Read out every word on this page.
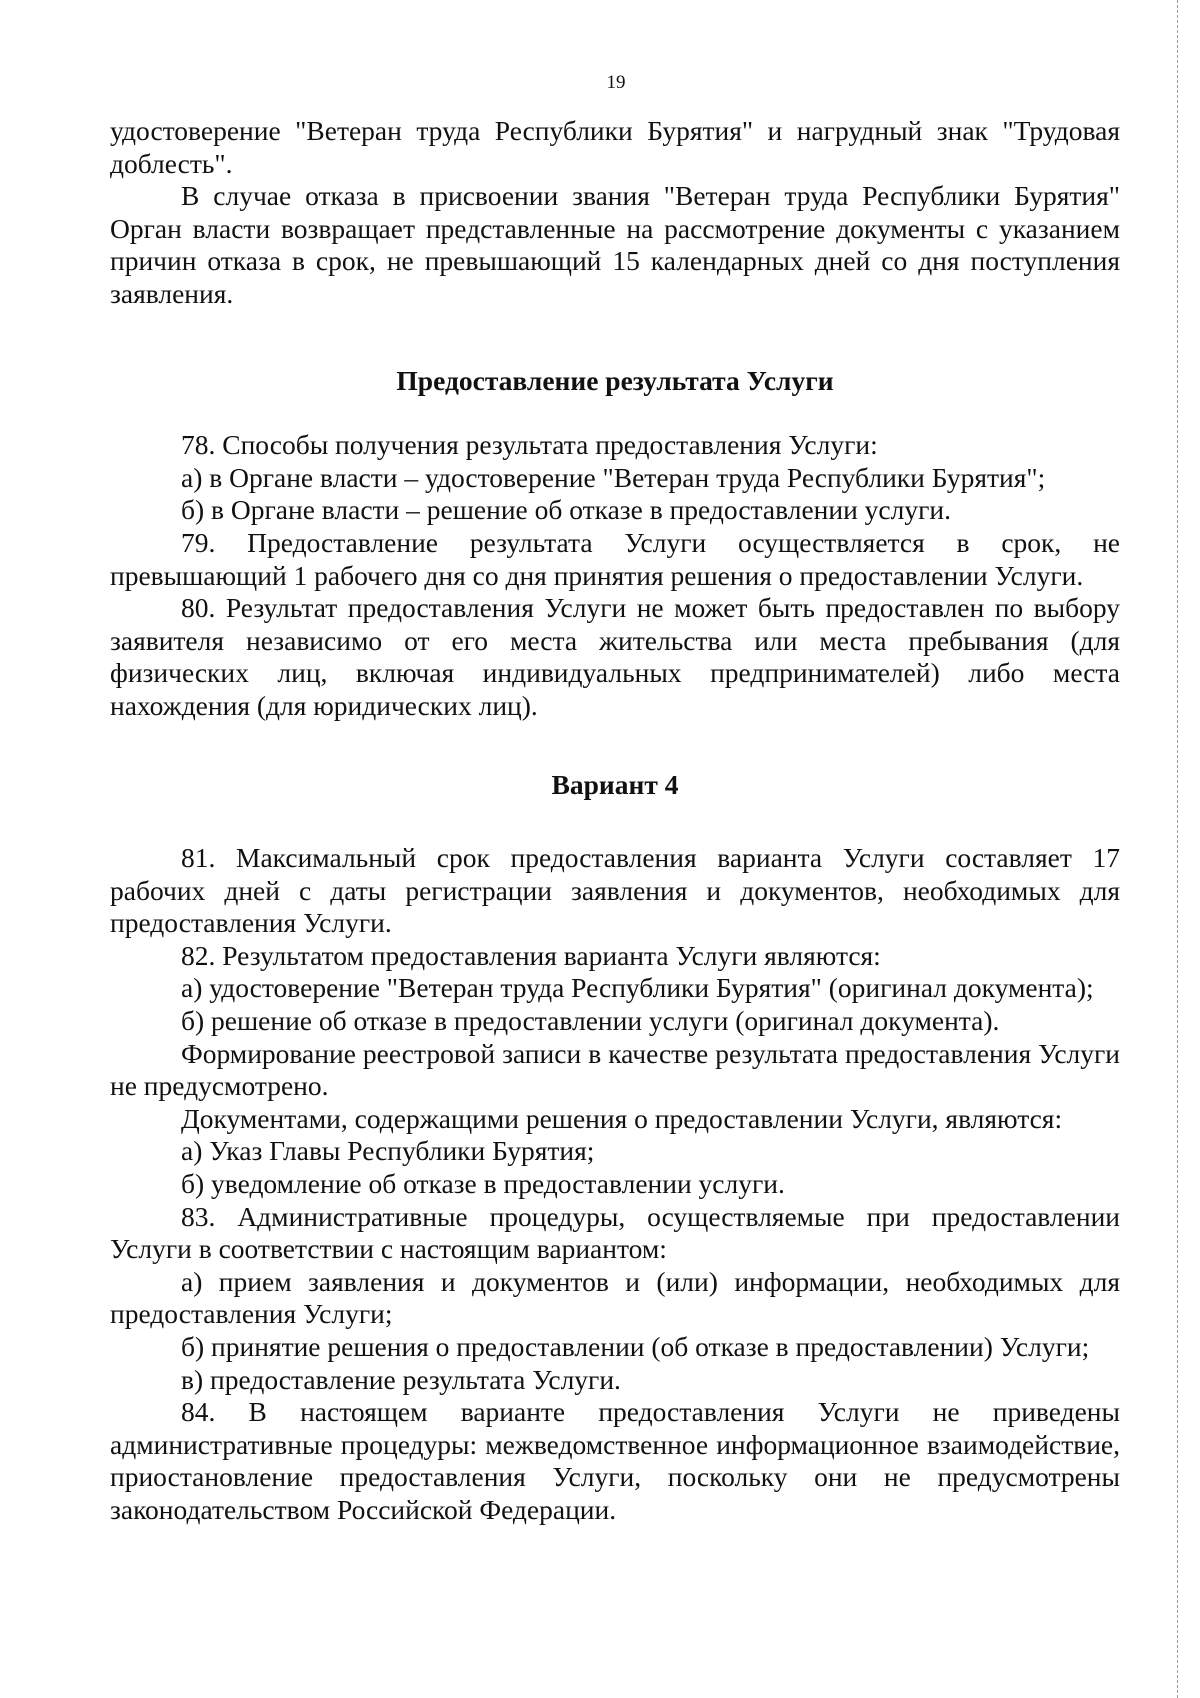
19

удостоверение "Ветеран труда Республики Бурятия" и нагрудный знак "Трудовая доблесть".

В случае отказа в присвоении звания "Ветеран труда Республики Бурятия" Орган власти возвращает представленные на рассмотрение документы с указанием причин отказа в срок, не превышающий 15 календарных дней со дня поступления заявления.

Предоставление результата Услуги

78. Способы получения результата предоставления Услуги:

а) в Органе власти – удостоверение "Ветеран труда Республики Бурятия";

б) в Органе власти – решение об отказе в предоставлении услуги.

79. Предоставление результата Услуги осуществляется в срок, не превышающий 1 рабочего дня со дня принятия решения о предоставлении Услуги.

80. Результат предоставления Услуги не может быть предоставлен по выбору заявителя независимо от его места жительства или места пребывания (для физических лиц, включая индивидуальных предпринимателей) либо места нахождения (для юридических лиц).

Вариант 4

81. Максимальный срок предоставления варианта Услуги составляет 17 рабочих дней с даты регистрации заявления и документов, необходимых для предоставления Услуги.

82. Результатом предоставления варианта Услуги являются:

а) удостоверение "Ветеран труда Республики Бурятия" (оригинал документа);

б) решение об отказе в предоставлении услуги (оригинал документа).

Формирование реестровой записи в качестве результата предоставления Услуги не предусмотрено.

Документами, содержащими решения о предоставлении Услуги, являются:

а) Указ Главы Республики Бурятия;

б) уведомление об отказе в предоставлении услуги.

83. Административные процедуры, осуществляемые при предоставлении Услуги в соответствии с настоящим вариантом:

а) прием заявления и документов и (или) информации, необходимых для предоставления Услуги;

б) принятие решения о предоставлении (об отказе в предоставлении) Услуги;

в) предоставление результата Услуги.

84. В настоящем варианте предоставления Услуги не приведены административные процедуры: межведомственное информационное взаимодействие, приостановление предоставления Услуги, поскольку они не предусмотрены законодательством Российской Федерации.
